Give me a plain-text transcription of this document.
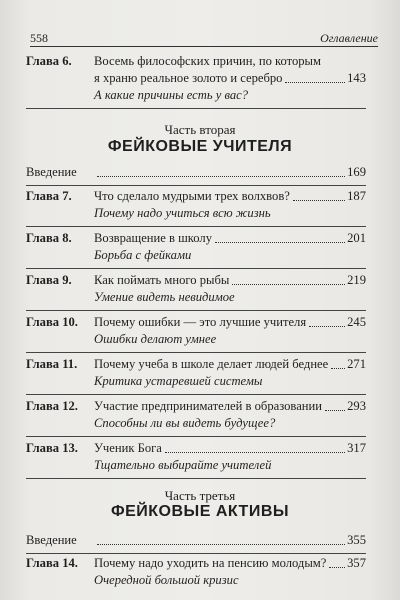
558	Оглавление
Глава 6.	Восемь философских причин, по которым
я храню реальное золото и серебро	143
А какие причины есть у вас?
Часть вторая
ФЕЙКОВЫЕ УЧИТЕЛЯ
Введение	169
Глава 7.	Что сделало мудрыми трех волхвов?	187
Почему надо учиться всю жизнь
Глава 8.	Возвращение в школу	201
Борьба с фейками
Глава 9.	Как поймать много рыбы	219
Умение видеть невидимое
Глава 10.	Почему ошибки — это лучшие учителя	245
Ошибки делают умнее
Глава 11.	Почему учеба в школе делает людей беднее 271
Критика устаревшей системы
Глава 12.	Участие предпринимателей в образовании 293
Способны ли вы видеть будущее?
Глава 13.	Ученик Бога	317
Тщательно выбирайте учителей
Часть третья
ФЕЙКОВЫЕ АКТИВЫ
Введение	355
Глава 14.	Почему надо уходить на пенсию молодым? 357
Очередной большой кризис
